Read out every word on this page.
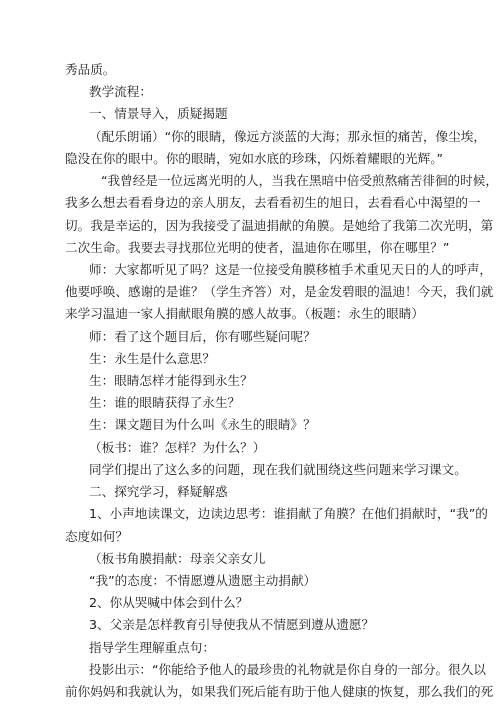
秀品质。
教学流程：
一、情景导入，质疑揭题
（配乐朗诵）“你的眼睛，像远方淡蓝的大海；那永恒的痛苦，像尘埃，
隐没在你的眼中。你的眼睛，宛如水底的珍珠，闪烁着耀眼的光辉。”
“我曾经是一位远离光明的人，当我在黑暗中倍受煎熬痛苦徘徊的时候，
我多么想去看看身边的亲人朋友，去看看初生的旭日，去看看心中渴望的一
切。我是幸运的，因为我接受了温迪捐献的角膜。是她给了我第二次光明，第
二次生命。我要去寻找那位光明的使者，温迪你在哪里，你在哪里？”
师：大家都听见了吗？这是一位接受角膜移植手术重见天日的人的呼声，
他要呼唤、感谢的是谁？（学生齐答）对，是金发碧眼的温迪！今天，我们就
来学习温迪一家人捐献眼角膜的感人故事。（板题：永生的眼睛）
师：看了这个题目后，你有哪些疑问呢？
生：永生是什么意思？
生：眼睛怎样才能得到永生？
生：谁的眼睛获得了永生？
生：课文题目为什么叫《永生的眼睛》？
（板书：谁？怎样？为什么？）
同学们提出了这么多的问题，现在我们就围绕这些问题来学习课文。
二、探究学习，释疑解惑
1、小声地读课文，边读边思考：谁捐献了角膜？在他们捐献时，“我”的
态度如何？
（板书角膜捐献：母亲父亲女儿
“我”的态度：不情愿遵从遗愿主动捐献）
2、你从哭喊中体会到什么？
3、父亲是怎样教育引导使我从不情愿到遵从遗愿？
指导学生理解重点句：
投影出示：“你能给予他人的最珍贵的礼物就是你自身的一部分。很久以
前你妈妈和我就认为，如果我们死后能有助于他人健康的恢复，那么我们的死
